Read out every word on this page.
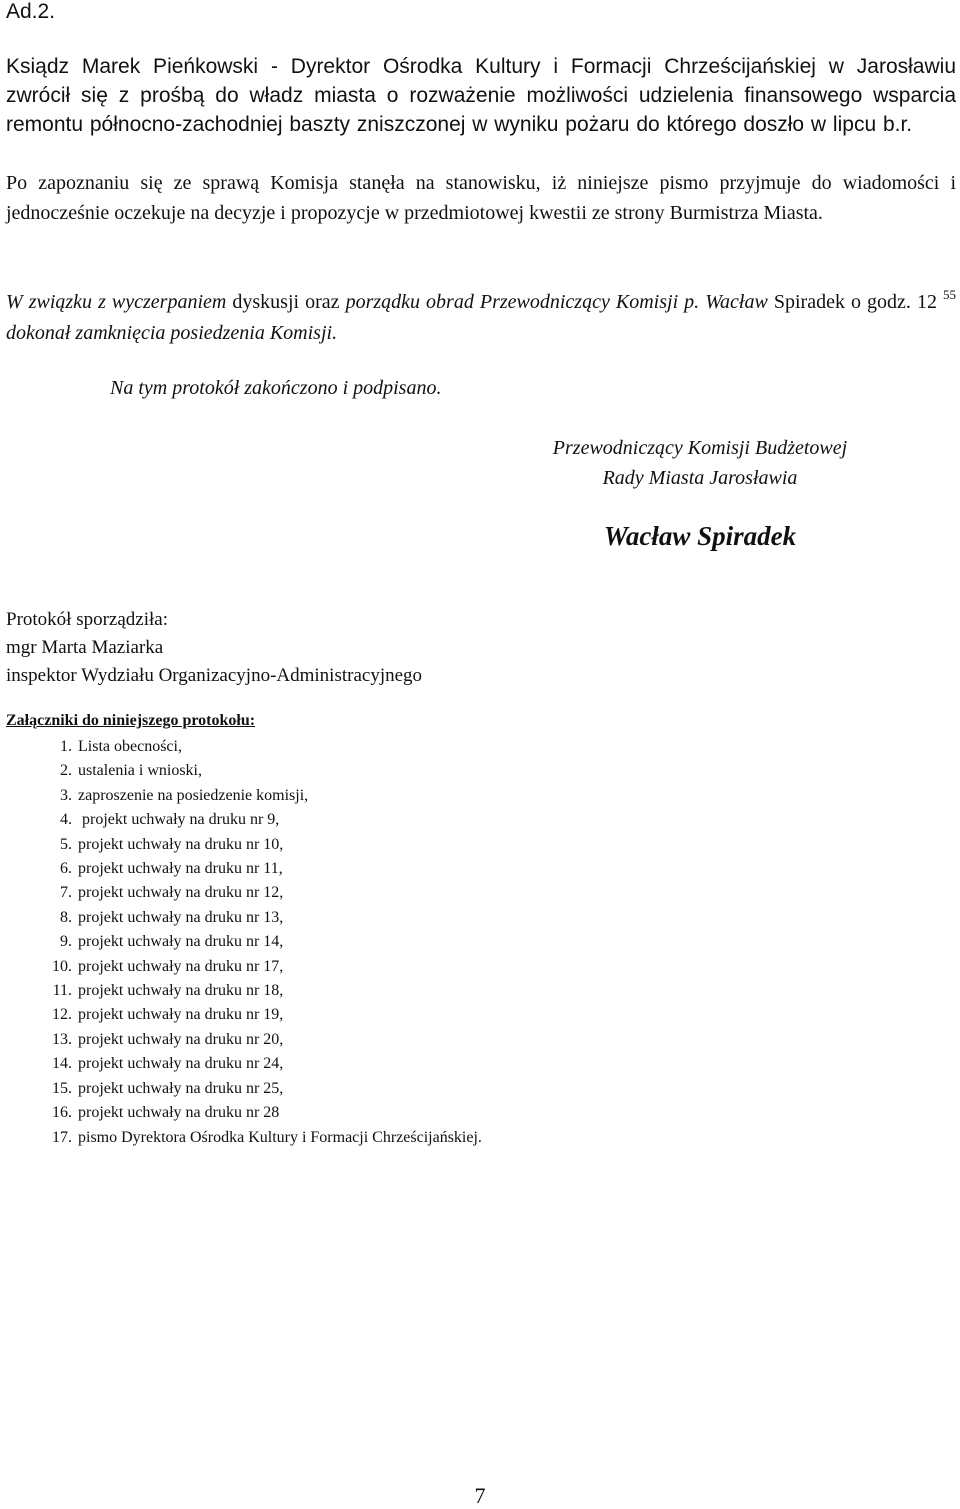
Ad.2.
Ksiądz Marek Pieńkowski - Dyrektor Ośrodka Kultury i Formacji Chrześcijańskiej w Jarosławiu zwrócił się z prośbą do władz miasta o rozważenie możliwości udzielenia finansowego wsparcia remontu północno-zachodniej baszty zniszczonej w wyniku pożaru do którego doszło w lipcu b.r.
Po zapoznaniu się ze sprawą Komisja stanęła na stanowisku, iż niniejsze pismo przyjmuje do wiadomości i jednocześnie oczekuje na decyzje i propozycje w przedmiotowej kwestii ze strony Burmistrza Miasta.
W związku z wyczerpaniem dyskusji oraz porządku obrad Przewodniczący Komisji p. Wacław Spiradek o godz. 12 $^{55}$ dokonał zamknięcia posiedzenia Komisji.
Na tym protokół zakończono i podpisano.
Przewodniczący Komisji Budżetowej
Rady Miasta Jarosławia
Wacław Spiradek
Protokół sporządziła:
mgr Marta Maziarka
inspektor Wydziału Organizacyjno-Administracyjnego
Załączniki do niniejszego protokołu:
1. Lista obecności,
2. ustalenia i wnioski,
3. zaproszenie na posiedzenie komisji,
4. projekt uchwały na druku nr 9,
5. projekt uchwały na druku nr 10,
6. projekt uchwały na druku nr 11,
7. projekt uchwały na druku nr 12,
8. projekt uchwały na druku nr 13,
9. projekt uchwały na druku nr 14,
10. projekt uchwały na druku nr 17,
11. projekt uchwały na druku nr 18,
12. projekt uchwały na druku nr 19,
13. projekt uchwały na druku nr 20,
14. projekt uchwały na druku nr 24,
15. projekt uchwały na druku nr 25,
16. projekt uchwały na druku nr 28
17. pismo Dyrektora Ośrodka Kultury i Formacji Chrześcijańskiej.
7
